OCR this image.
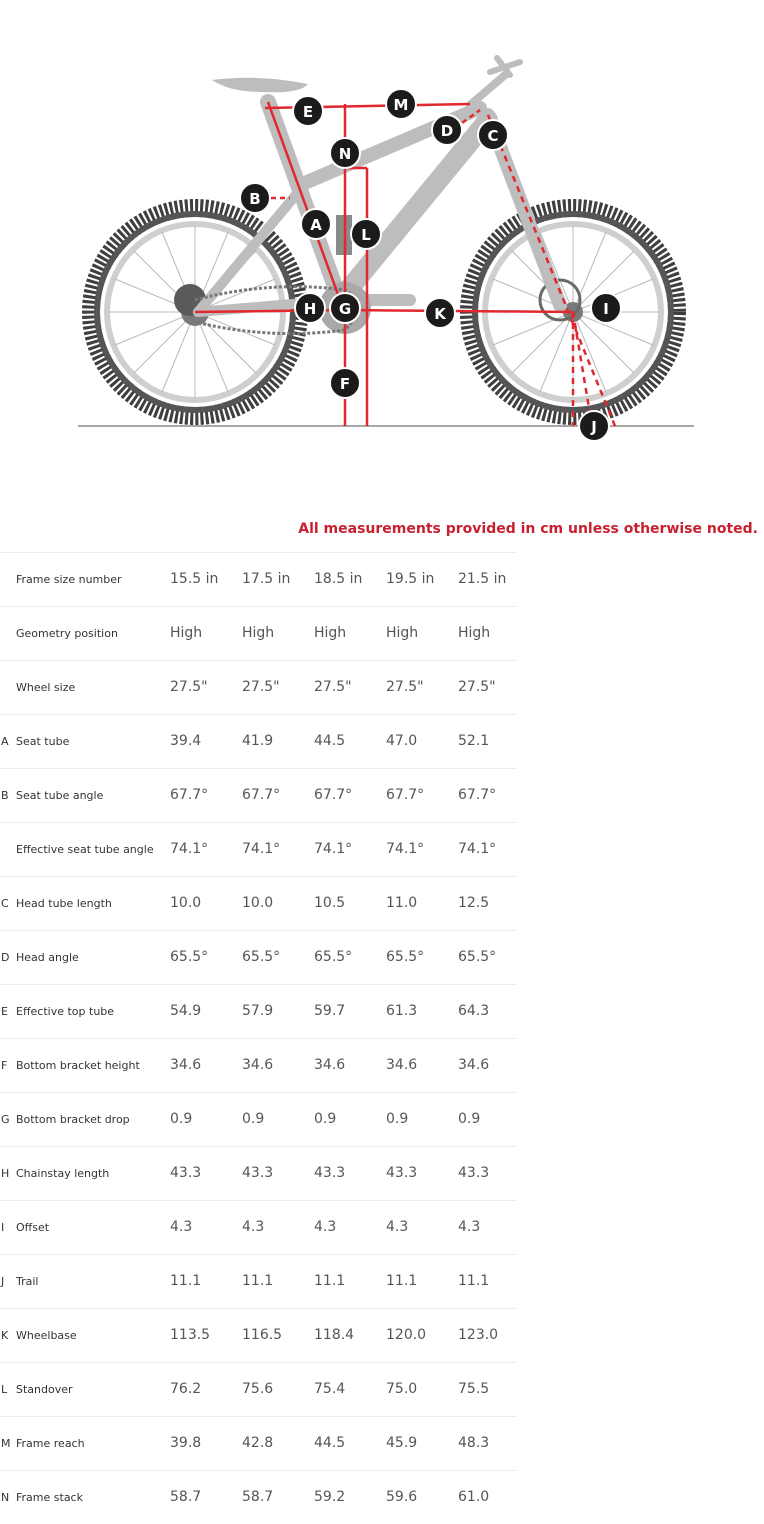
A
B
C
D
E
F
G
H	I
J
K
L
M
N
All measurements provided in cm unless otherwise noted.
Frame size number	15.5 in 17.5 in 18.5 in 19.5 in 21.5 in
Geometry position	High	High	High	High	High
Wheel size	27.5" 27.5" 27.5" 27.5" 27.5"
A Seat tube	39.4	41.9	44.5	47.0	52.1
B Seat tube angle	67.7° 67.7° 67.7° 67.7° 67.7°
Effective seat tube angle 74.1° 74.1° 74.1° 74.1° 74.1°
C Head tube length	10.0	10.0	10.5	11.0	12.5
D Head angle	65.5° 65.5° 65.5° 65.5° 65.5°
E Effective top tube	54.9	57.9	59.7	61.3	64.3
F Bottom bracket height 34.6	34.6	34.6	34.6	34.6
G Bottom bracket drop	0.9	0.9	0.9	0.9	0.9
H Chainstay length	43.3	43.3	43.3	43.3	43.3
I Offset	4.3	4.3	4.3	4.3	4.3
J Trail	11.1	11.1	11.1	11.1	11.1
K Wheelbase	113.5 116.5 118.4 120.0 123.0
L Standover	76.2	75.6	75.4	75.0	75.5
M Frame reach	39.8	42.8	44.5	45.9	48.3
N Frame stack	58.7	58.7	59.2	59.6	61.0
